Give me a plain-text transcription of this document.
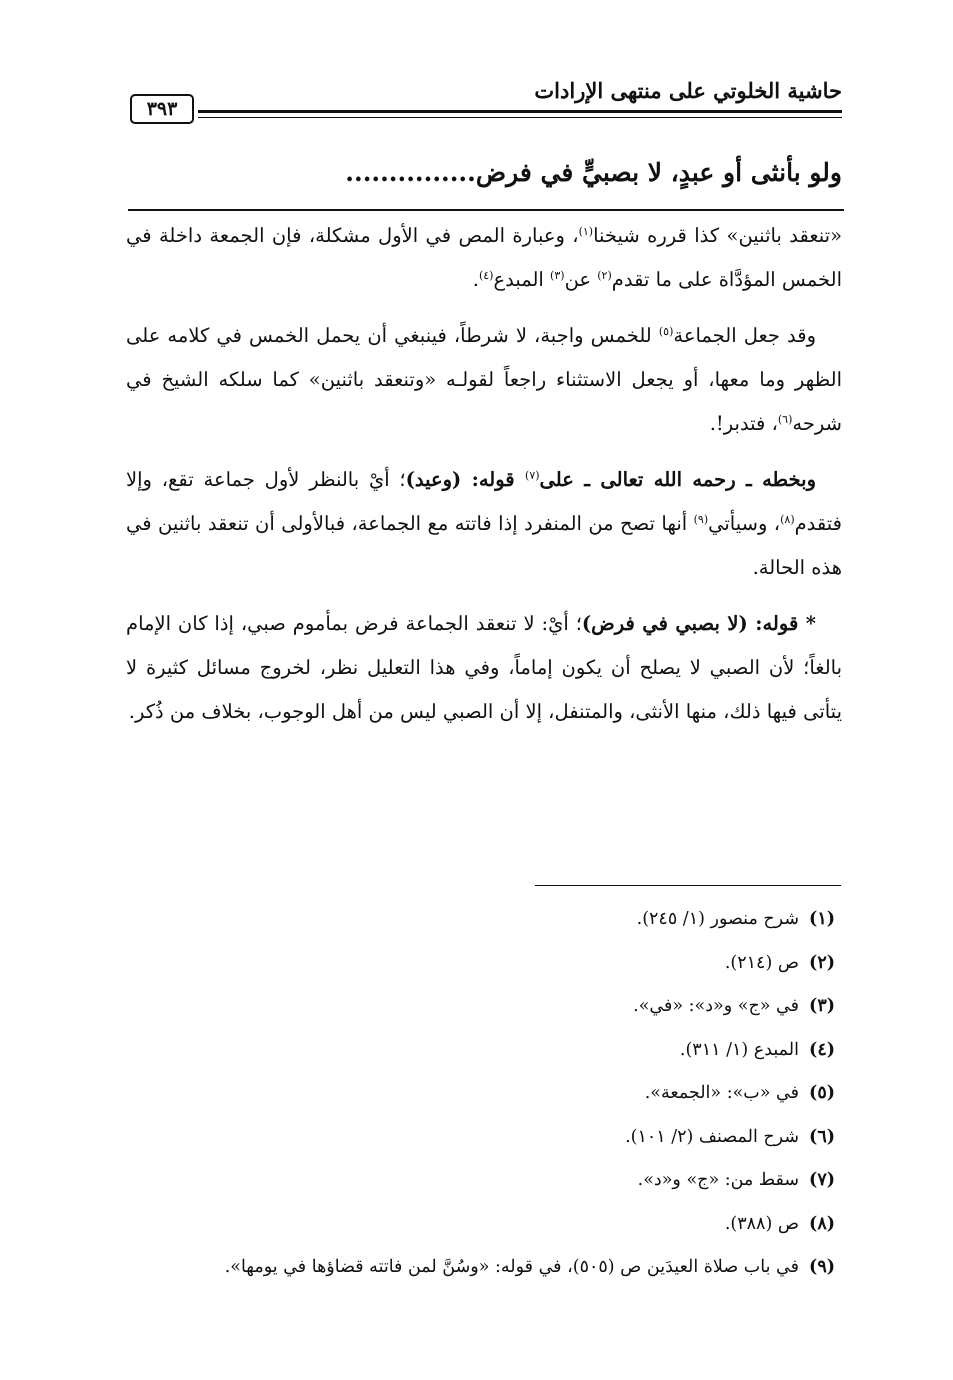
حاشية الخلوتي على منتهى الإرادات
٣٩٣
ولو بأنثى أو عبدٍ، لا بصبيٍّ في فرض...............

«تنعقد باثنين» كذا قرره شيخنا$^{(١)}$، وعبارة المص في الأول مشكلة، فإن الجمعة داخلة في الخمس المؤدَّاة على ما تقدم$^{(٢)}$ عن$^{(٣)}$ المبدع$^{(٤)}$.

وقد جعل الجماعة$^{(٥)}$ للخمس واجبة، لا شرطاً، فينبغي أن يحمل الخمس في كلامه على الظهر وما معها، أو يجعل الاستثناء راجعاً لقولـه «وتنعقد باثنين» كما سلكه الشيخ في شرحه$^{(٦)}$، فتدبر!.

وبخطه ـ رحمه الله تعالى ـ على$^{(٧)}$ قوله: (وعيد)؛ أيْ بالنظر لأول جماعة تقع، وإلا فتقدم$^{(٨)}$، وسيأتي$^{(٩)}$ أنها تصح من المنفرد إذا فاتته مع الجماعة، فبالأولى أن تنعقد باثنين في هذه الحالة.

* قوله: (لا بصبي في فرض)؛ أيْ: لا تنعقد الجماعة فرض بمأموم صبي، إذا كان الإمام بالغاً؛ لأن الصبي لا يصلح أن يكون إماماً، وفي هذا التعليل نظر، لخروج مسائل كثيرة لا يتأتى فيها ذلك، منها الأنثى، والمتنفل، إلا أن الصبي ليس من أهل الوجوب، بخلاف من ذُكر.

(١)شرح منصور (١/ ٢٤٥).
(٢)ص (٢١٤).
(٣)في «ج» و«د»: «في».
(٤)المبدع (١/ ٣١١).
(٥)في «ب»: «الجمعة».
(٦)شرح المصنف (٢/ ١٠١).
(٧)سقط من: «ج» و«د».
(٨)ص (٣٨٨).
(٩)في باب صلاة العيدَين ص (٥٠٥)، في قوله: «وسُنَّ لمن فاتته قضاؤها في يومها».
